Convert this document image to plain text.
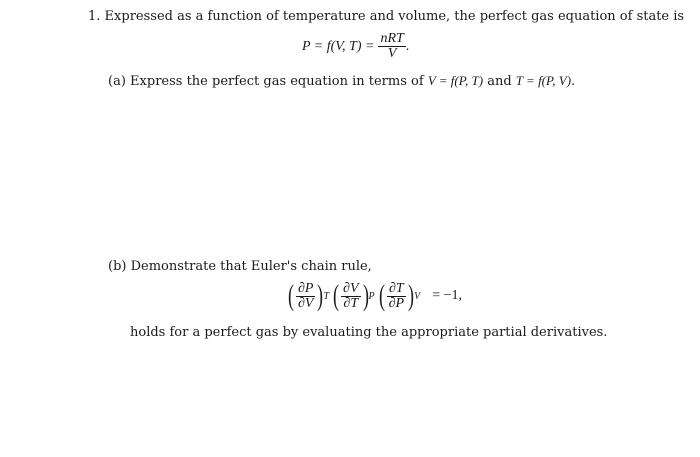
1. Expressed as a function of temperature and volume, the perfect gas equation of state is
P = f(V, $T) = \frac{\text{nRT}}{V}$ .
(a) Express the perfect gas equation in terms of V = f(P, T) and T = f(P, V).
(b) Demonstrate that Euler's chain rule,
( $\frac{\partial P}{\partial V}$ ) T ( $\frac{\partial V}{\partial T}$ ) P ( $\frac{\partial T}{\partial P}$ ) V = −1,
holds for a perfect gas by evaluating the appropriate partial derivatives.
